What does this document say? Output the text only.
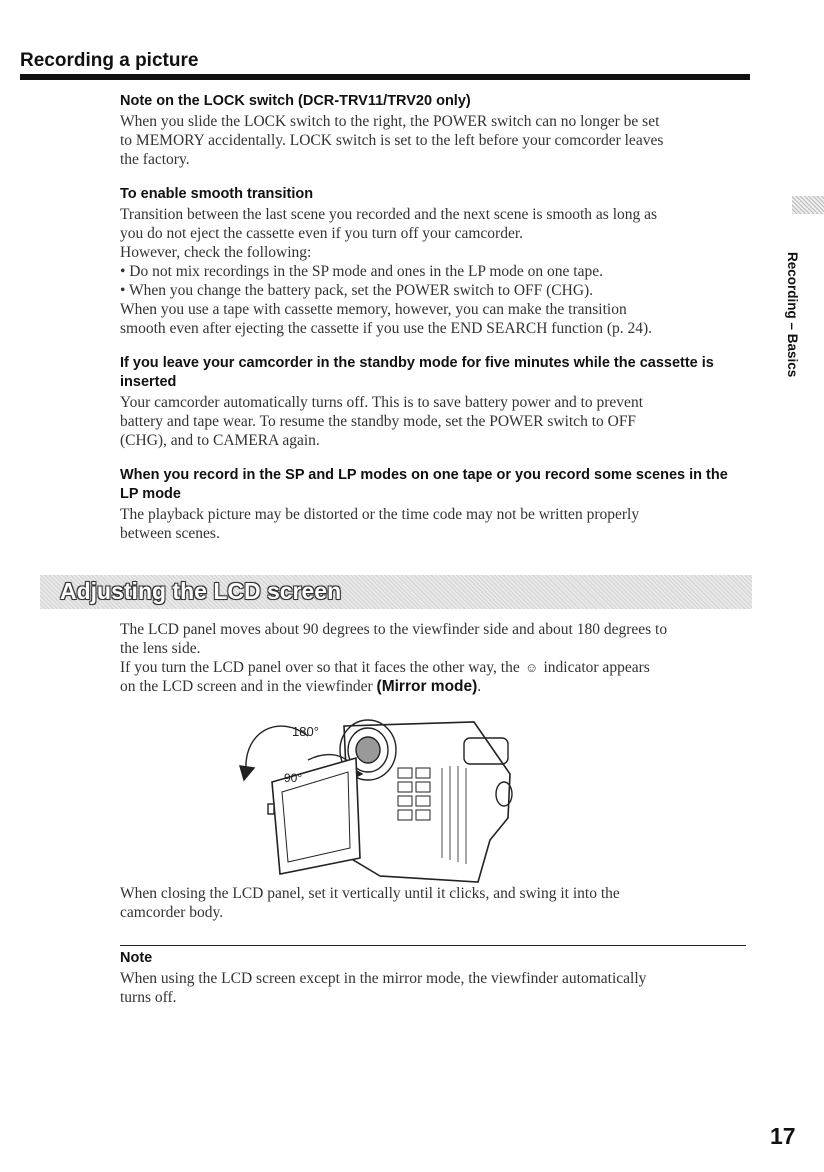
Recording a picture
Note on the LOCK switch (DCR-TRV11/TRV20 only)
When you slide the LOCK switch to the right, the POWER switch can no longer be set
to MEMORY accidentally. LOCK switch is set to the left before your comcorder leaves
the factory.
To enable smooth transition
Transition between the last scene you recorded and the next scene is smooth as long as
you do not eject the cassette even if you turn off your camcorder.
However, check the following:
• Do not mix recordings in the SP mode and ones in the LP mode on one tape.
• When you change the battery pack, set the POWER switch to OFF (CHG).
When you use a tape with cassette memory, however, you can make the transition
smooth even after ejecting the cassette if you use the END SEARCH function (p. 24).
If you leave your camcorder in the standby mode for five minutes while the cassette is inserted
Your camcorder automatically turns off. This is to save battery power and to prevent
battery and tape wear. To resume the standby mode, set the POWER switch to OFF
(CHG), and to CAMERA again.
When you record in the SP and LP modes on one tape or you record some scenes in the LP mode
The playback picture may be distorted or the time code may not be written properly
between scenes.
Adjusting the LCD screen
The LCD panel moves about 90 degrees to the viewfinder side and about 180 degrees to
the lens side.
If you turn the LCD panel over so that it faces the other way, the ☺ indicator appears
on the LCD screen and in the viewfinder (Mirror mode).
180°
90°
When closing the LCD panel, set it vertically until it clicks, and swing it into the
camcorder body.
Note
When using the LCD screen except in the mirror mode, the viewfinder automatically
turns off.
Recording – Basics
17
